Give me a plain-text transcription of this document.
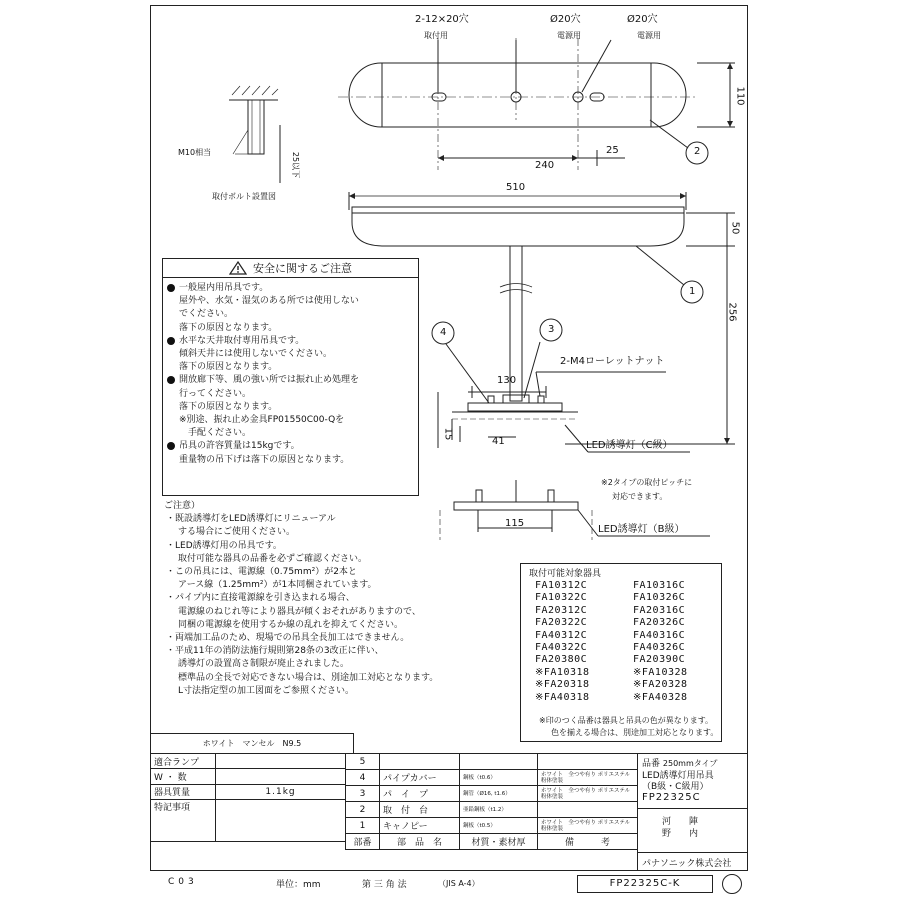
2-12×20穴
取付用
Ø20穴
電源用
Ø20穴
電源用
110
240
25
510
50
256
130
41
15
115
2-M4ローレットナット
LED誘導灯（C級）
LED誘導灯（B級）
※2タイプの取付ピッチに
対応できます。
2
1
3
4
M10相当	25以下
取付ボルト設置図
安全に関するご注意
一般屋内用吊具です。
屋外や、水気・湿気のある所では使用しない
でください。
落下の原因となります。
水平な天井取付専用吊具です。
傾斜天井には使用しないでください。
落下の原因となります。
開放廊下等、風の強い所では振れ止め処理を
行ってください。
落下の原因となります。
※別途、振れ止め金具FP01550C00-Qを
　手配ください。
吊具の許容質量は15kgです。
重量物の吊下げは落下の原因となります。
ご注意）
・既設誘導灯をLED誘導灯にリニューアル
する場合にご使用ください。
・LED誘導灯用の吊具です。
取付可能な器具の品番を必ずご確認ください。
・この吊具には、電源線（0.75mm²）が2本と
アース線（1.25mm²）が1本同梱されています。
・パイプ内に直接電源線を引き込まれる場合、
電源線のねじれ等により器具が傾くおそれがありますので、
同梱の電源線を使用するか線の乱れを抑えてください。
・両端加工品のため、現場での吊具全長加工はできません。
・平成11年の消防法施行規則第28条の3改正に伴い、
誘導灯の設置高さ制限が廃止されました。
標準品の全長で対応できない場合は、別途加工対応となります。
L寸法指定型の加工図面をご参照ください。
取付可能対象器具
FA10312C	FA10316C
FA10322C	FA10326C
FA20312C	FA20316C
FA20322C	FA20326C
FA40312C	FA40316C
FA40322C	FA40326C
FA20380C	FA20390C
※FA10318	※FA10328
※FA20318	※FA20328
※FA40318	※FA40328
※印のつく品番は器具と吊具の色が異なります。
色を揃える場合は、別途加工対応となります。
ホワイト　マンセル　N9.5
適合ランプ	
W ・ 数	
器具質量	1.1kg
特記事項	
5			
4	パイプカバー	鋼板（t0.6）	ホワイト　全つや有り ポリエステル粉体塗装
3	パ　イ　プ	鋼管（Ø16, t1.6）	ホワイト　全つや有り ポリエステル粉体塗装
2	取　付　台	亜鉛鋼板（t1.2）	
1	キャノピー	鋼板（t0.5）	ホワイト　全つや有り ポリエステル粉体塗装
部番	部　品　名	材質・素材厚	備　　　考
品番 250mmタイプ
LED誘導灯用吊具
（B級・C級用）
FP22325C
河　　陣
野　　内
パナソニック株式会社
C03	単位：mm	第 三 角 法	（JIS A-4）	FP22325C-K
